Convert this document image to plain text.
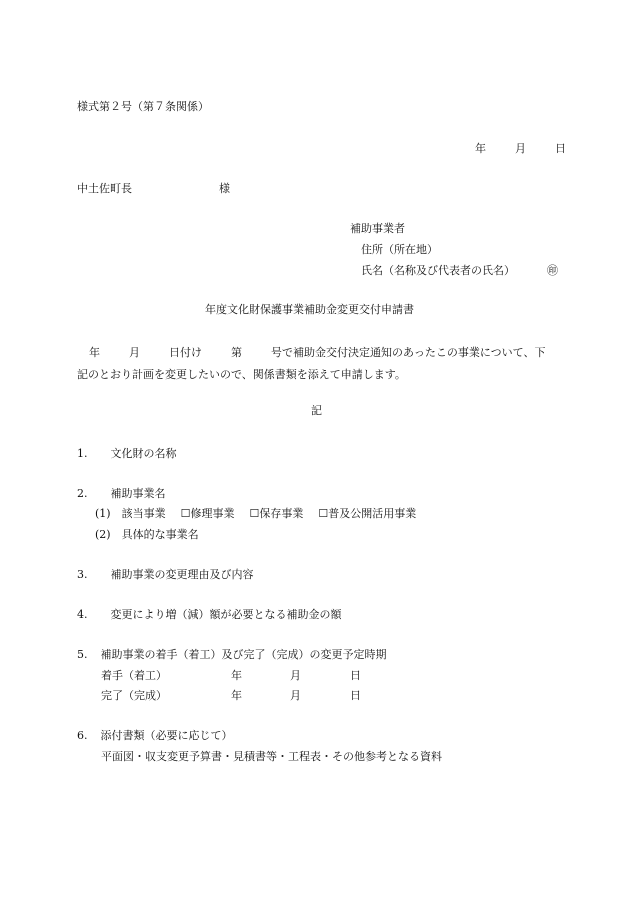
様式第２号（第７条関係）
年	月	日
中土佐町長	様
補助事業者
住所（所在地）
氏名（名称及び代表者の氏名）	㊞
年度文化財保護事業補助金変更交付申請書
年	月	日付け	第	号で補助金交付決定通知のあったこの事業について、下
記のとおり計画を変更したいので、関係書類を添えて申請します。
記
1. 文化財の名称
2. 補助事業名
(1) 該当事業 ☐修理事業 ☐保存事業 ☐普及公開活用事業
(2) 具体的な事業名
3. 補助事業の変更理由及び内容
4. 変更により増（減）額が必要となる補助金の額
5. 補助事業の着手（着工）及び完了（完成）の変更予定時期
着手（着工）	年	月	日
完了（完成）	年	月	日
6. 添付書類（必要に応じて）
平面図・収支変更予算書・見積書等・工程表・その他参考となる資料
